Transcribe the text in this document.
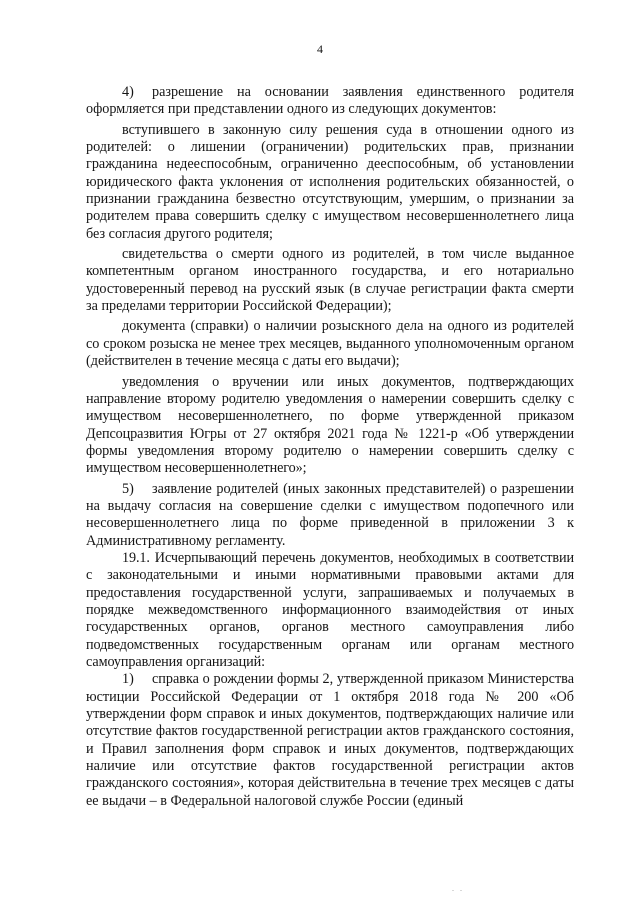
4

4) разрешение на основании заявления единственного родителя оформляется при представлении одного из следующих документов:

вступившего в законную силу решения суда в отношении одного из родителей: о лишении (ограничении) родительских прав, признании гражданина недееспособным, ограниченно дееспособным, об установлении юридического факта уклонения от исполнения родительских обязанностей, о признании гражданина безвестно отсутствующим, умершим, о признании за родителем права совершить сделку с имуществом несовершеннолетнего лица без согласия другого родителя;

свидетельства о смерти одного из родителей, в том числе выданное компетентным органом иностранного государства, и его нотариально удостоверенный перевод на русский язык (в случае регистрации факта смерти за пределами территории Российской Федерации);

документа (справки) о наличии розыскного дела на одного из родителей со сроком розыска не менее трех месяцев, выданного уполномоченным органом (действителен в течение месяца с даты его выдачи);

уведомления о вручении или иных документов, подтверждающих направление второму родителю уведомления о намерении совершить сделку с имуществом несовершеннолетнего, по форме утвержденной приказом Депсоцразвития Югры от 27 октября 2021 года № 1221-р «Об утверждении формы уведомления второму родителю о намерении совершить сделку с имуществом несовершеннолетнего»;

5) заявление родителей (иных законных представителей) о разрешении на выдачу согласия на совершение сделки с имуществом подопечного или несовершеннолетнего лица по форме приведенной в приложении 3 к Административному регламенту.

19.1. Исчерпывающий перечень документов, необходимых в соответствии с законодательными и иными нормативными правовыми актами для предоставления государственной услуги, запрашиваемых и получаемых в порядке межведомственного информационного взаимодействия от иных государственных органов, органов местного самоуправления либо подведомственных государственным органам или органам местного самоуправления организаций:

1) справка о рождении формы 2, утвержденной приказом Министерства юстиции Российской Федерации от 1 октября 2018 года № 200 «Об утверждении форм справок и иных документов, подтверждающих наличие или отсутствие фактов государственной регистрации актов гражданского состояния, и Правил заполнения форм справок и иных документов, подтверждающих наличие или отсутствие фактов государственной регистрации актов гражданского состояния», которая действительна в течение трех месяцев с даты ее выдачи – в Федеральной налоговой службе России (единый

. .
